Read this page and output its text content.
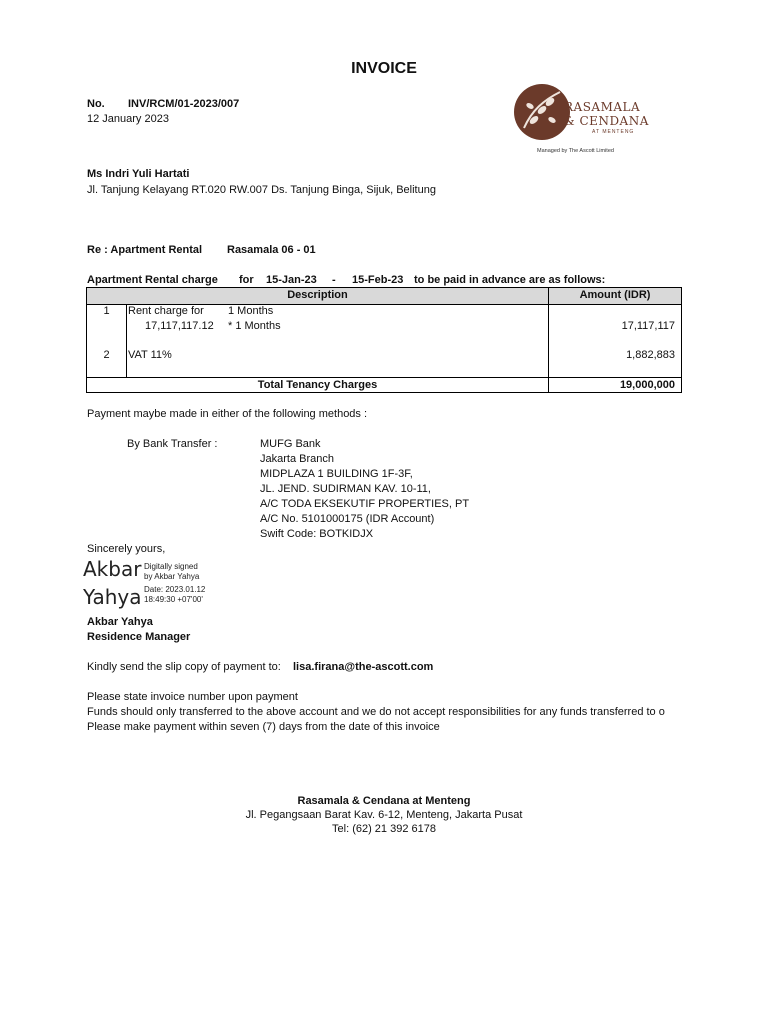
INVOICE
No. INV/RCM/01-2023/007
12 January 2023
RASAMALA
& CENDANA
AT MENTENG
Managed by The Ascott Limited
Ms Indri Yuli Hartati
Jl. Tanjung Kelayang RT.020 RW.007 Ds. Tanjung Binga, Sijuk, Belitung
Re : Apartment Rental Rasamala 06 - 01
Apartment Rental charge for 15-Jan-23 - 15-Feb-23 to be paid in advance are as follows:
Description	Amount (IDR)
1	Rent charge for 1 Months
17,117,117.12 * 1 Months	17,117,117
2	VAT 11%	1,882,883
Total Tenancy Charges	19,000,000
Payment maybe made in either of the following methods :
By Bank Transfer :	MUFG Bank
Jakarta Branch
MIDPLAZA 1 BUILDING 1F-3F,
JL. JEND. SUDIRMAN KAV. 10-11,
A/C TODA EKSEKUTIF PROPERTIES, PT
A/C No. 5101000175 (IDR Account)
Swift Code: BOTKIDJX
Sincerely yours,
Akbar
Yahya
Digitally signed
by Akbar Yahya
Date: 2023.01.12
18:49:30 +07'00'
Akbar Yahya
Residence Manager
Kindly send the slip copy of payment to: lisa.firana@the-ascott.com
Please state invoice number upon payment
Funds should only transferred to the above account and we do not accept responsibilities for any funds transferred to o
Please make payment within seven (7) days from the date of this invoice
Rasamala & Cendana at Menteng
Jl. Pegangsaan Barat Kav. 6-12, Menteng, Jakarta Pusat
Tel: (62) 21 392 6178
